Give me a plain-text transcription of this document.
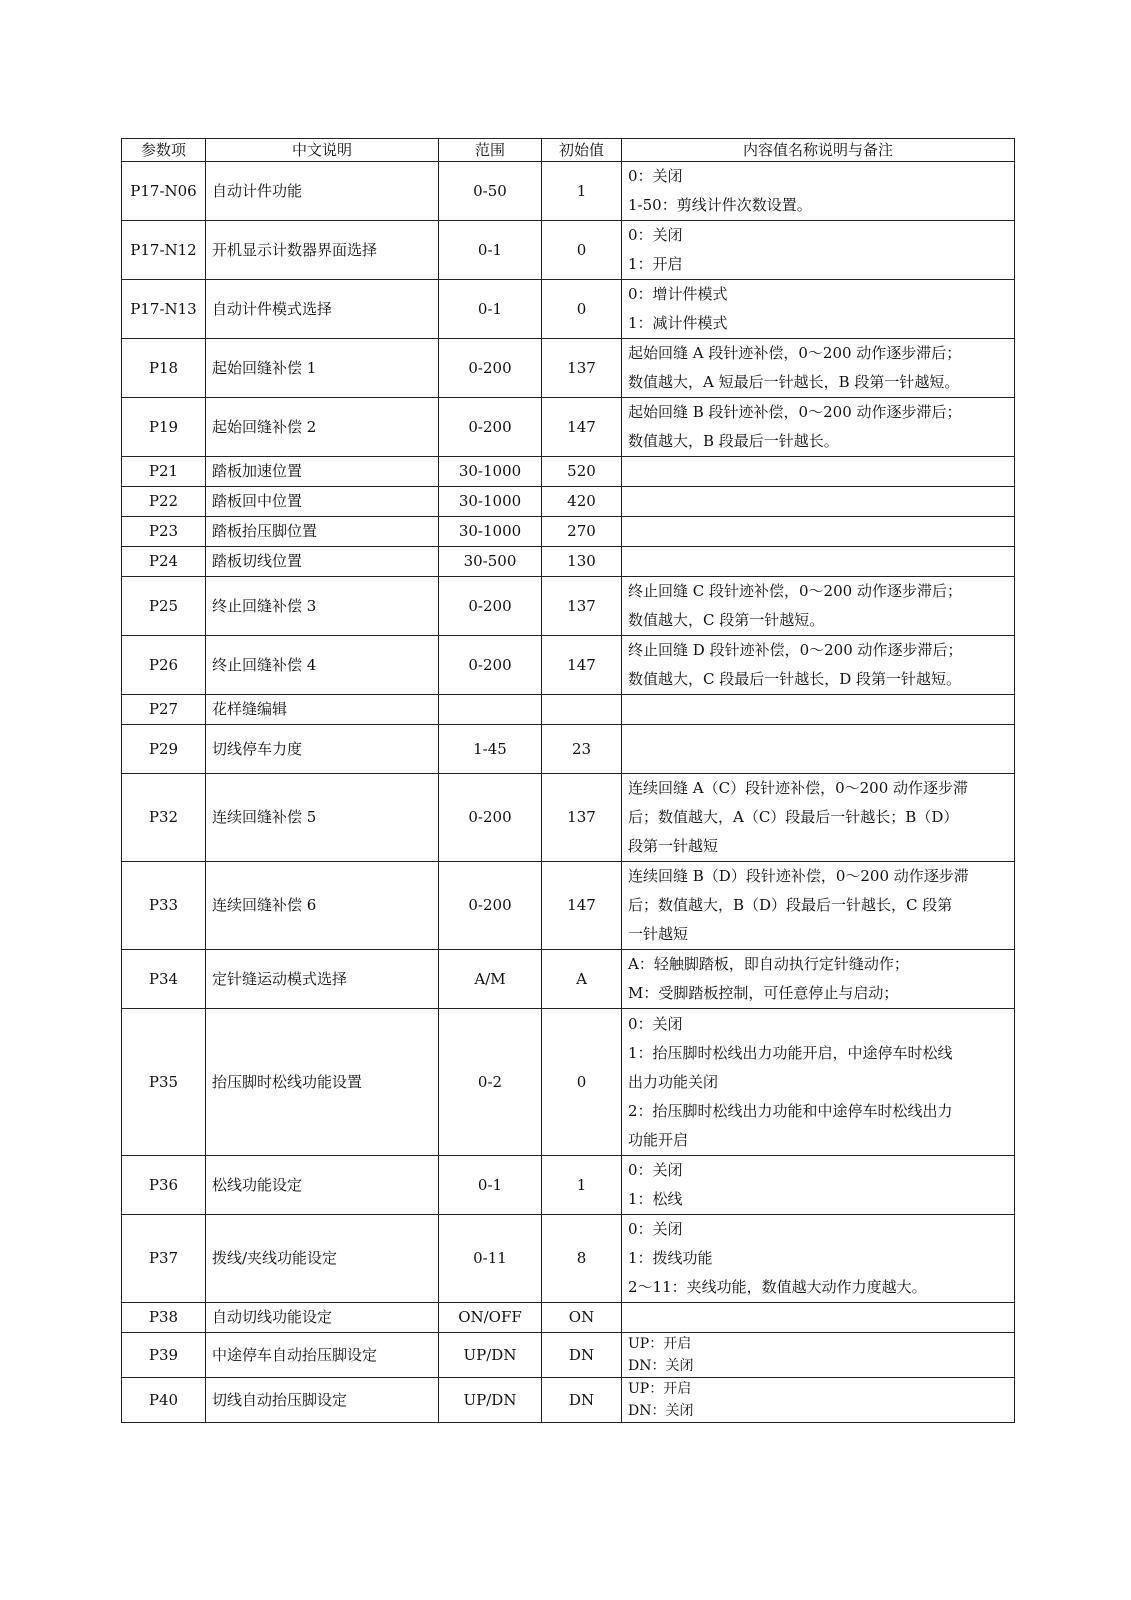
参数项	中文说明	范围	初始值	内容值名称说明与备注
P17-N06	自动计件功能	0-50	1	0：关闭
1-50：剪线计件次数设置。

P17-N12	开机显示计数器界面选择	0-1	0	0：关闭
1：开启

P17-N13	自动计件模式选择	0-1	0	0：增计件模式
1：减计件模式

P18	起始回缝补偿 1	0-200	137	起始回缝 A 段针迹补偿，0～200 动作逐步滞后；
数值越大，A 短最后一针越长，B 段第一针越短。

P19	起始回缝补偿 2	0-200	147	起始回缝 B 段针迹补偿，0～200 动作逐步滞后；
数值越大，B 段最后一针越长。

P21	踏板加速位置	30-1000	520	
P22	踏板回中位置	30-1000	420	
P23	踏板抬压脚位置	30-1000	270	
P24	踏板切线位置	30-500	130	
P25	终止回缝补偿 3	0-200	137	终止回缝 C 段针迹补偿，0～200 动作逐步滞后；
数值越大，C 段第一针越短。

P26	终止回缝补偿 4	0-200	147	终止回缝 D 段针迹补偿，0～200 动作逐步滞后；
数值越大，C 段最后一针越长，D 段第一针越短。

P27	花样缝编辑			
P29	切线停车力度	1-45	23	
P32	连续回缝补偿 5	0-200	137	连续回缝 A（C）段针迹补偿，0～200 动作逐步滞
后；数值越大，A（C）段最后一针越长；B（D）
段第一针越短

P33	连续回缝补偿 6	0-200	147	连续回缝 B（D）段针迹补偿，0～200 动作逐步滞
后；数值越大，B（D）段最后一针越长，C 段第
一针越短

P34	定针缝运动模式选择	A/M	A	A：轻触脚踏板，即自动执行定针缝动作；
M：受脚踏板控制，可任意停止与启动；

P35	抬压脚时松线功能设置	0-2	0	0：关闭
1：抬压脚时松线出力功能开启，中途停车时松线
出力功能关闭
2：抬压脚时松线出力功能和中途停车时松线出力
功能开启

P36	松线功能设定	0-1	1	0：关闭
1：松线

P37	拨线/夹线功能设定	0-11	8	0：关闭
1：拨线功能
2～11：夹线功能，数值越大动作力度越大。

P38	自动切线功能设定	ON/OFF	ON	
P39	中途停车自动抬压脚设定	UP/DN	DN	UP：开启
DN：关闭

P40	切线自动抬压脚设定	UP/DN	DN	UP：开启
DN：关闭
